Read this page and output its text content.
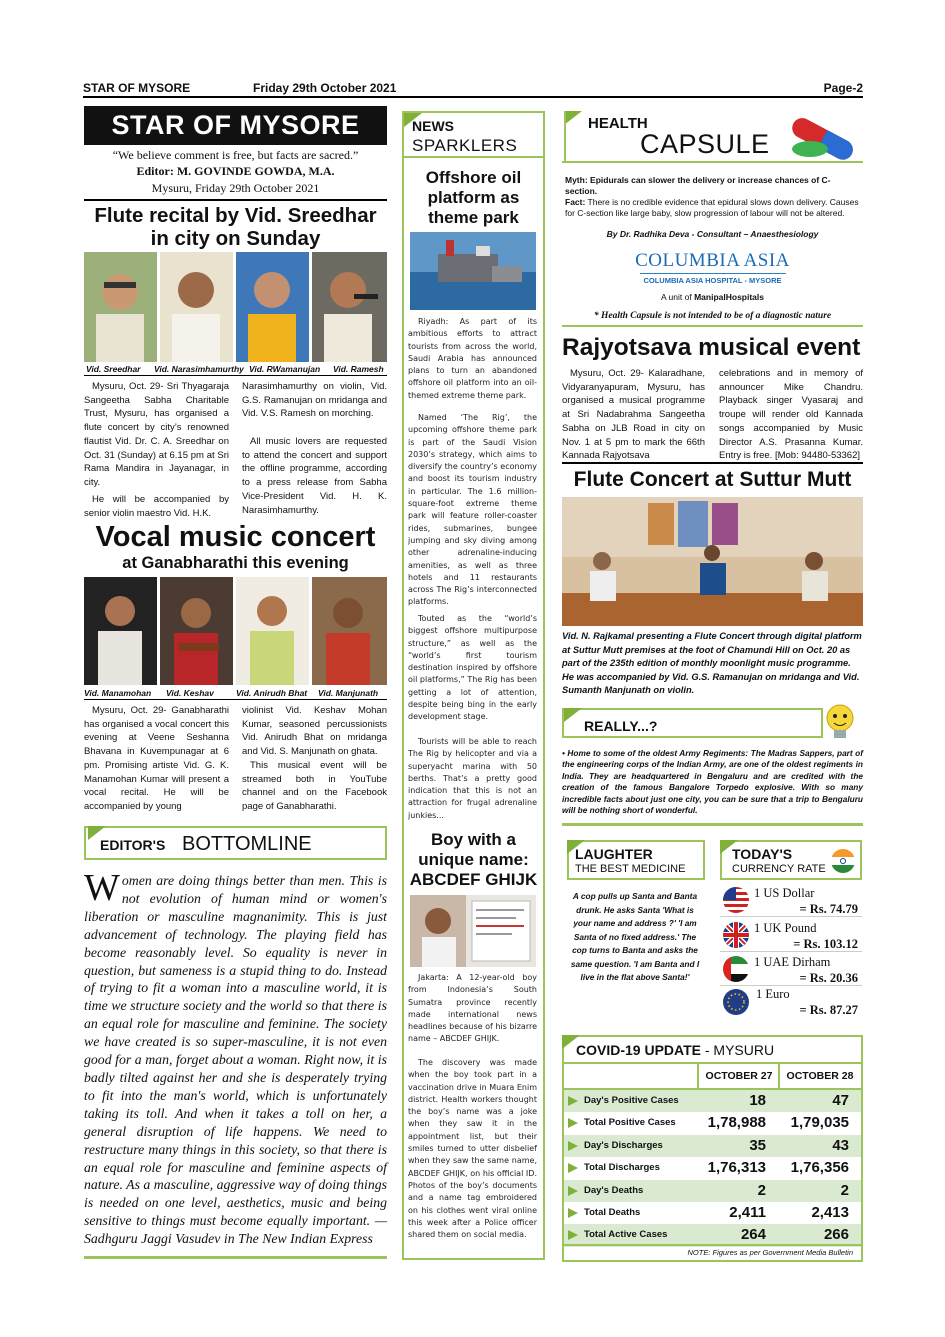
STAR OF MYSORE	Friday 29th October 2021	Page-2
STAR OF MYSORE
“We believe comment is free, but facts are sacred.”
Editor: M. GOVINDE GOWDA, M.A.
Mysuru, Friday 29th October 2021
Flute recital by Vid. Sreedhar in city on Sunday
Vid. Sreedhar Vid. Narasimhamurthy Vid. RWamanujan Vid. Ramesh
Mysuru, Oct. 29- Sri Thyagaraja Sangeetha Sabha Charitable Trust, Mysuru, has organised a flute concert by city’s renowned flautist Vid. Dr. C. A. Sreedhar on Oct. 31 (Sunday) at 6.15 pm at Sri Rama Mandira in Jayanagar, in city.
He will be accompanied by senior violin maestro Vid. H.K.
Narasimhamurthy on violin, Vid. G.S. Ramanujan on mridanga and Vid. V.S. Ramesh on morching.
All music lovers are requested to attend the concert and support the offline programme, according to a press release from Sabha Vice-President Vid. H. K. Narasimhamurthy.
Vocal music concert
at Ganabharathi this evening
Vid. Manamohan Vid. Keshav	Vid. Anirudh Bhat Vid. Manjunath
Mysuru, Oct. 29- Ganabharathi has organised a vocal concert this evening at Veene Seshanna Bhavana in Kuvempunagar at 6 pm. Promising artiste Vid. G. K. Manamohan Kumar will present a vocal recital. He will be accompanied by young
violinist Vid. Keshav Mohan Kumar, seasoned percussionists Vid. Anirudh Bhat on mridanga and Vid. S. Manjunath on ghata.
This musical event will be streamed both in YouTube channel and on the Facebook page of Ganabharathi.
EDITOR'S BOTTOMLINE
Women are doing things better than men. This is not evolution of human mind or women's liberation or masculine magnanimity. This is just advancement of technology. The playing field has become reasonably level. So equality is never in question, but sameness is a stupid thing to do. Instead of trying to fit a woman into a masculine world, it is time we structure society and the world so that there is an equal role for masculine and feminine. The society we have created is so super-masculine, it is not even good for a man, forget about a woman. Right now, it is badly tilted against her and she is desperately trying to fit into the man's world, which is unfortunately taking its toll. And when it takes a toll on her, a general disruption of life happens. We need to restructure many things in this society, so that there is an equal role for masculine and feminine aspects of nature. As a masculine, aggressive way of doing things is needed on one level, aesthetics, music and being sensitive to things must become equally important. — Sadhguru Jaggi Vasudev in The New Indian Express
NEWS
SPARKLERS
Offshore oil platform as theme park
Riyadh: As part of its ambitious efforts to attract tourists from across the world, Saudi Arabia has announced plans to turn an abandoned offshore oil platform into an oil-themed extreme theme park.
Named ‘The Rig’, the upcoming offshore theme park is part of the Saudi Vision 2030’s strategy, which aims to diversify the country’s economy and boost its tourism industry in particular. The 1.6 million-square-foot extreme theme park will feature roller-coaster rides, submarines, bungee jumping and sky diving among other adrenaline-inducing amenities, as well as three hotels and 11 restaurants across The Rig’s interconnected platforms.
Touted as the “world’s biggest offshore multipurpose structure,” as well as the “world’s first tourism destination inspired by offshore oil platforms,” The Rig has been getting a lot of attention, despite being bing in the early development stage.
Tourists will be able to reach The Rig by helicopter and via a superyacht marina with 50 berths. That’s a pretty good indication that this is not an attraction for frugal adrenaline junkies...
Boy with a unique name: ABCDEF GHIJK
Jakarta: A 12-year-old boy from Indonesia’s South Sumatra province recently made international news headlines because of his bizarre name – ABCDEF GHIJK.
The discovery was made when the boy took part in a vaccination drive in Muara Enim district. Health workers thought the boy’s name was a joke when they saw it in the appointment list, but their smiles turned to utter disbelief when they saw the same name, ABCDEF GHIJK, on his official ID. Photos of the boy’s documents and a name tag embroidered on his clothes went viral online this week after a Police officer shared them on social media.
HEALTH
CAPSULE
Myth: Epidurals can slower the delivery or increase chances of C- section.
Fact: There is no credible evidence that epidural slows down delivery. Causes for C-section like large baby, slow progression of labour will not be altered.
By Dr. Radhika Deva - Consultant – Anaesthesiology
COLUMBIA ASIA
COLUMBIA ASIA HOSPITAL - MYSORE
A unit of ManipalHospitals
* Health Capsule is not intended to be of a diagnostic nature
Rajyotsava musical event
Mysuru, Oct. 29- Kalaradhane, Vidyaranyapuram, Mysuru, has organised a musical programme at Sri Nadabrahma Sangeetha Sabha on JLB Road in city on Nov. 1 at 5 pm to mark the 66th Kannada Rajyotsava
celebrations and in memory of announcer Mike Chandru. Playback singer Vyasaraj and troupe will render old Kannada songs accompanied by Music Director A.S. Prasanna Kumar. Entry is free. [Mob: 94480-53362]
Flute Concert at Suttur Mutt
Vid. N. Rajkamal presenting a Flute Concert through digital platform at Suttur Mutt premises at the foot of Chamundi Hill on Oct. 20 as part of the 235th edition of monthly moonlight music programme. He was accompanied by Vid. G.S. Ramanujan on mridanga and Vid. Sumanth Manjunath on violin.
REALLY...?
• Home to some of the oldest Army Regiments: The Madras Sappers, part of the engineering corps of the Indian Army, are one of the oldest regiments in India. They are headquartered in Bengaluru and are credited with the creation of the famous Bangalore Torpedo explosive. With so many incredible facts about just one city, you can be sure that a trip to Bengaluru will be nothing short of wonderful.
LAUGHTER
THE BEST MEDICINE
A cop pulls up Santa and Banta drunk. He asks Santa 'What is your name and address ?' 'I am Santa of no fixed address.' The cop turns to Banta and asks the same question. 'I am Banta and I live in the flat above Santa!'
TODAY'S
CURRENCY RATE
1 US Dollar
= Rs. 74.79
1 UK Pound
= Rs. 103.12
1 UAE Dirham
= Rs. 20.36
1 Euro
= Rs. 87.27
COVID-19 UPDATE - MYSURU
OCTOBER 27	OCTOBER 28
Day's Positive Cases	18	47
Total Positive Cases 1,78,988 1,79,035
Day's Discharges	35	43
Total Discharges	1,76,313 1,76,356
Day's Deaths	2	2
Total Deaths	2,411	2,413
Total Active Cases	264	266
NOTE: Figures as per Government Media Bulletin
